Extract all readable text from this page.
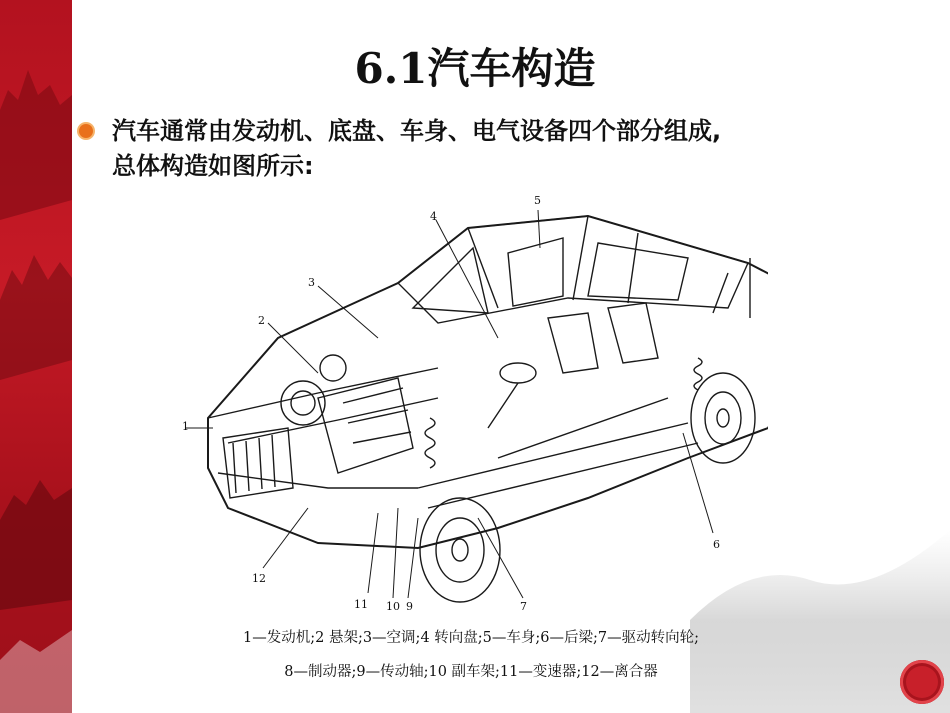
6.1汽车构造
汽车通常由发动机、底盘、车身、电气设备四个部分组成,
总体构造如图所示:
1
2
3
4
5
6
7
9
10
11
12
1—发动机;2 悬架;3—空调;4 转向盘;5—车身;6—后梁;7—驱动转向轮;
8—制动器;9—传动轴;10 副车架;11—变速器;12—离合器
